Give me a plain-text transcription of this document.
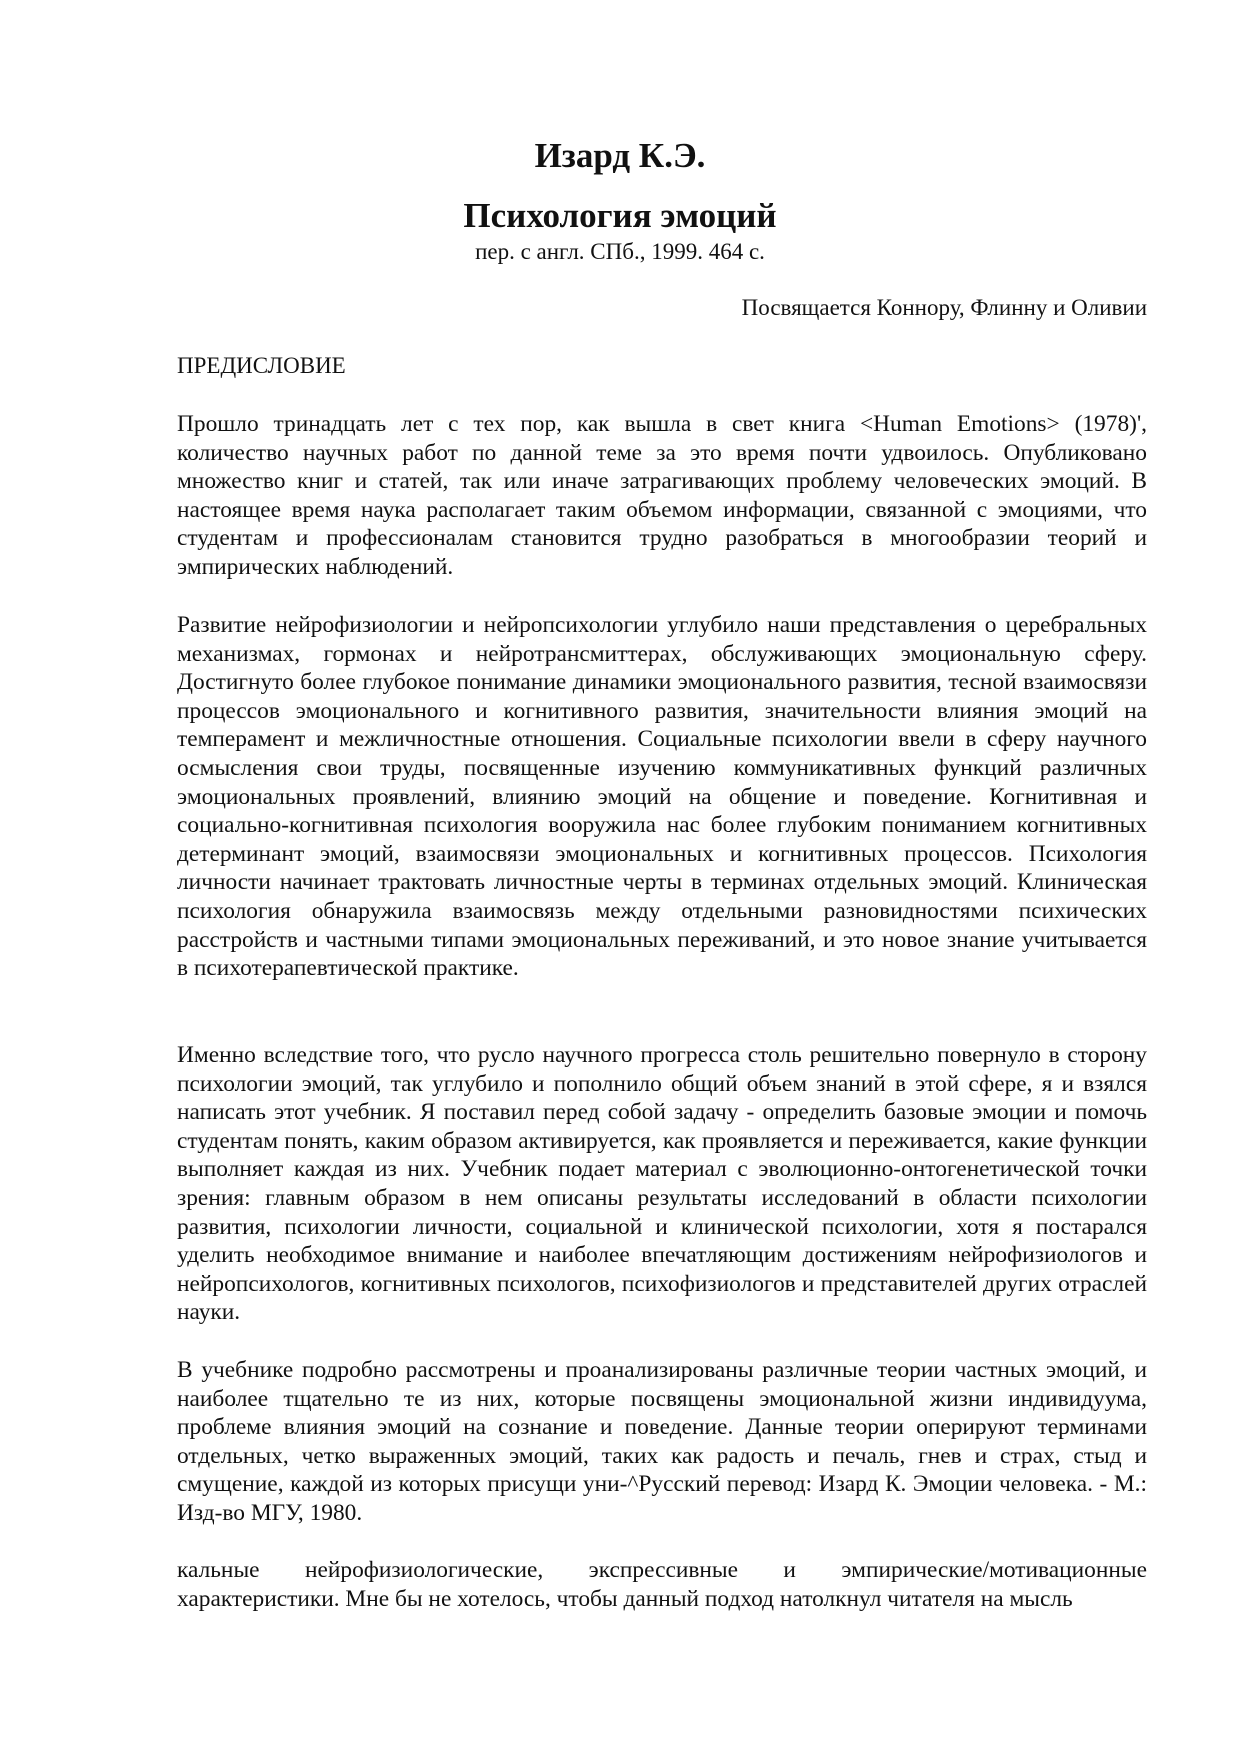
Изард К.Э.
Психология эмоций

пер. с англ. СПб., 1999. 464 с.

Посвящается Коннору, Флинну и Оливии

ПРЕДИСЛОВИЕ

Прошло тринадцать лет с тех пор, как вышла в свет книга <Human Emotions> (1978)', количество научных работ по данной теме за это время почти удвоилось. Опубликовано множество книг и статей, так или иначе затрагивающих проблему человеческих эмоций. В настоящее время наука располагает таким объемом информации, связанной с эмоциями, что студентам и профессионалам становится трудно разобраться в многообразии теорий и эмпирических наблюдений.

Развитие нейрофизиологии и нейропсихологии углубило наши представления о церебральных механизмах, гормонах и нейротрансмиттерах, обслуживающих эмоциональную сферу. Достигнуто более глубокое понимание динамики эмоционального развития, тесной взаимосвязи процессов эмоционального и когнитивного развития, значительности влияния эмоций на темперамент и межличностные отношения. Социальные психологии ввели в сферу научного осмысления свои труды, посвященные изучению коммуникативных функций различных эмоциональных проявлений, влиянию эмоций на общение и поведение. Когнитивная и социально-когнитивная психология вооружила нас более глубоким пониманием когнитивных детерминант эмоций, взаимосвязи эмоциональных и когнитивных процессов. Психология личности начинает трактовать личностные черты в терминах отдельных эмоций. Клиническая психология обнаружила взаимосвязь между отдельными разновидностями психических расстройств и частными типами эмоциональных переживаний, и это новое знание учитывается в психотерапевтической практике.

Именно вследствие того, что русло научного прогресса столь решительно повернуло в сторону психологии эмоций, так углубило и пополнило общий объем знаний в этой сфере, я и взялся написать этот учебник. Я поставил перед собой задачу - определить базовые эмоции и помочь студентам понять, каким образом активируется, как проявляется и переживается, какие функции выполняет каждая из них. Учебник подает материал с эволюционно-онтогенетической точки зрения: главным образом в нем описаны результаты исследований в области психологии развития, психологии личности, социальной и клинической психологии, хотя я постарался уделить необходимое внимание и наиболее впечатляющим достижениям нейрофизиологов и нейропсихологов, когнитивных психологов, психофизиологов и представителей других отраслей науки.

В учебнике подробно рассмотрены и проанализированы различные теории частных эмоций, и наиболее тщательно те из них, которые посвящены эмоциональной жизни индивидуума, проблеме влияния эмоций на сознание и поведение. Данные теории оперируют терминами отдельных, четко выраженных эмоций, таких как радость и печаль, гнев и страх, стыд и смущение, каждой из которых присущи уни-^Русский перевод: Изард К. Эмоции человека. - М.: Изд-во МГУ, 1980.

кальные нейрофизиологические, экспрессивные и эмпирические/мотивационные характеристики. Мне бы не хотелось, чтобы данный подход натолкнул читателя на мысль
